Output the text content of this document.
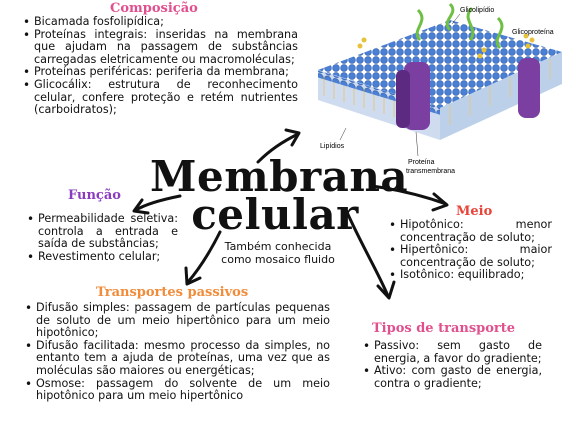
Glicolipídio
Glicoproteína
Lipídios
Proteína
transmembrana
Composição
• Bicamada fosfolipídica;
• Proteínas integrais: inseridas na membrana que ajudam na passagem de substâncias carregadas eletricamente ou macromoléculas;
• Proteínas periféricas: periferia da membrana;
• Glicocálix: estrutura de reconhecimento celular, confere proteção e retém nutrientes (carboidratos);
Membrana
celular
Também conhecida
como mosaico fluido
Função
• Permeabilidade seletiva: controla a entrada e saída de substâncias;
• Revestimento celular;
Transportes passivos
• Difusão simples: passagem de partículas pequenas de soluto de um meio hipertônico para um meio hipotônico;
• Difusão facilitada: mesmo processo da simples, no entanto tem a ajuda de proteínas, uma vez que as moléculas são maiores ou energéticas;
• Osmose: passagem do solvente de um meio hipotônico para um meio hipertônico
Meio
• Hipotônico: menor concentração de soluto;
• Hipertônico: maior concentração de soluto;
• Isotônico: equilibrado;
Tipos de transporte
• Passivo: sem gasto de energia, a favor do gradiente;
• Ativo: com gasto de energia, contra o gradiente;
